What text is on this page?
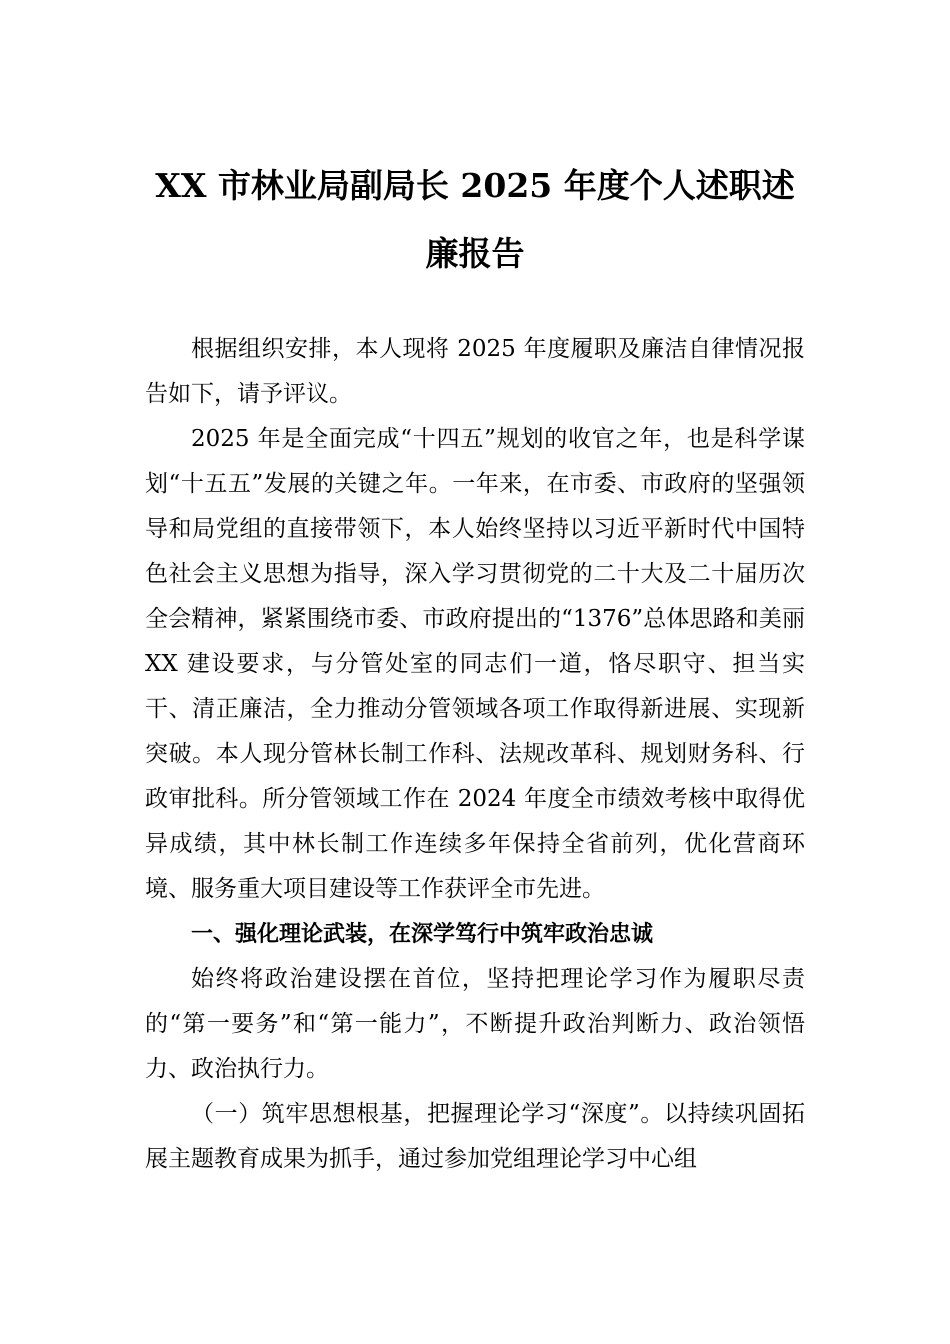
XX 市林业局副局长 2025 年度个人述职述
廉报告

根据组织安排，本人现将 2025 年度履职及廉洁自律情况报告如下，请予评议。

2025 年是全面完成“十四五”规划的收官之年，也是科学谋划“十五五”发展的关键之年。一年来，在市委、市政府的坚强领导和局党组的直接带领下，本人始终坚持以习近平新时代中国特色社会主义思想为指导，深入学习贯彻党的二十大及二十届历次全会精神，紧紧围绕市委、市政府提出的“1376”总体思路和美丽 XX 建设要求，与分管处室的同志们一道，恪尽职守、担当实干、清正廉洁，全力推动分管领域各项工作取得新进展、实现新突破。本人现分管林长制工作科、法规改革科、规划财务科、行政审批科。所分管领域工作在 2024 年度全市绩效考核中取得优异成绩，其中林长制工作连续多年保持全省前列，优化营商环境、服务重大项目建设等工作获评全市先进。

一、强化理论武装，在深学笃行中筑牢政治忠诚

始终将政治建设摆在首位，坚持把理论学习作为履职尽责的“第一要务”和“第一能力”，不断提升政治判断力、政治领悟力、政治执行力。

（一）筑牢思想根基，把握理论学习“深度”。以持续巩固拓展主题教育成果为抓手，通过参加党组理论学习中心组
